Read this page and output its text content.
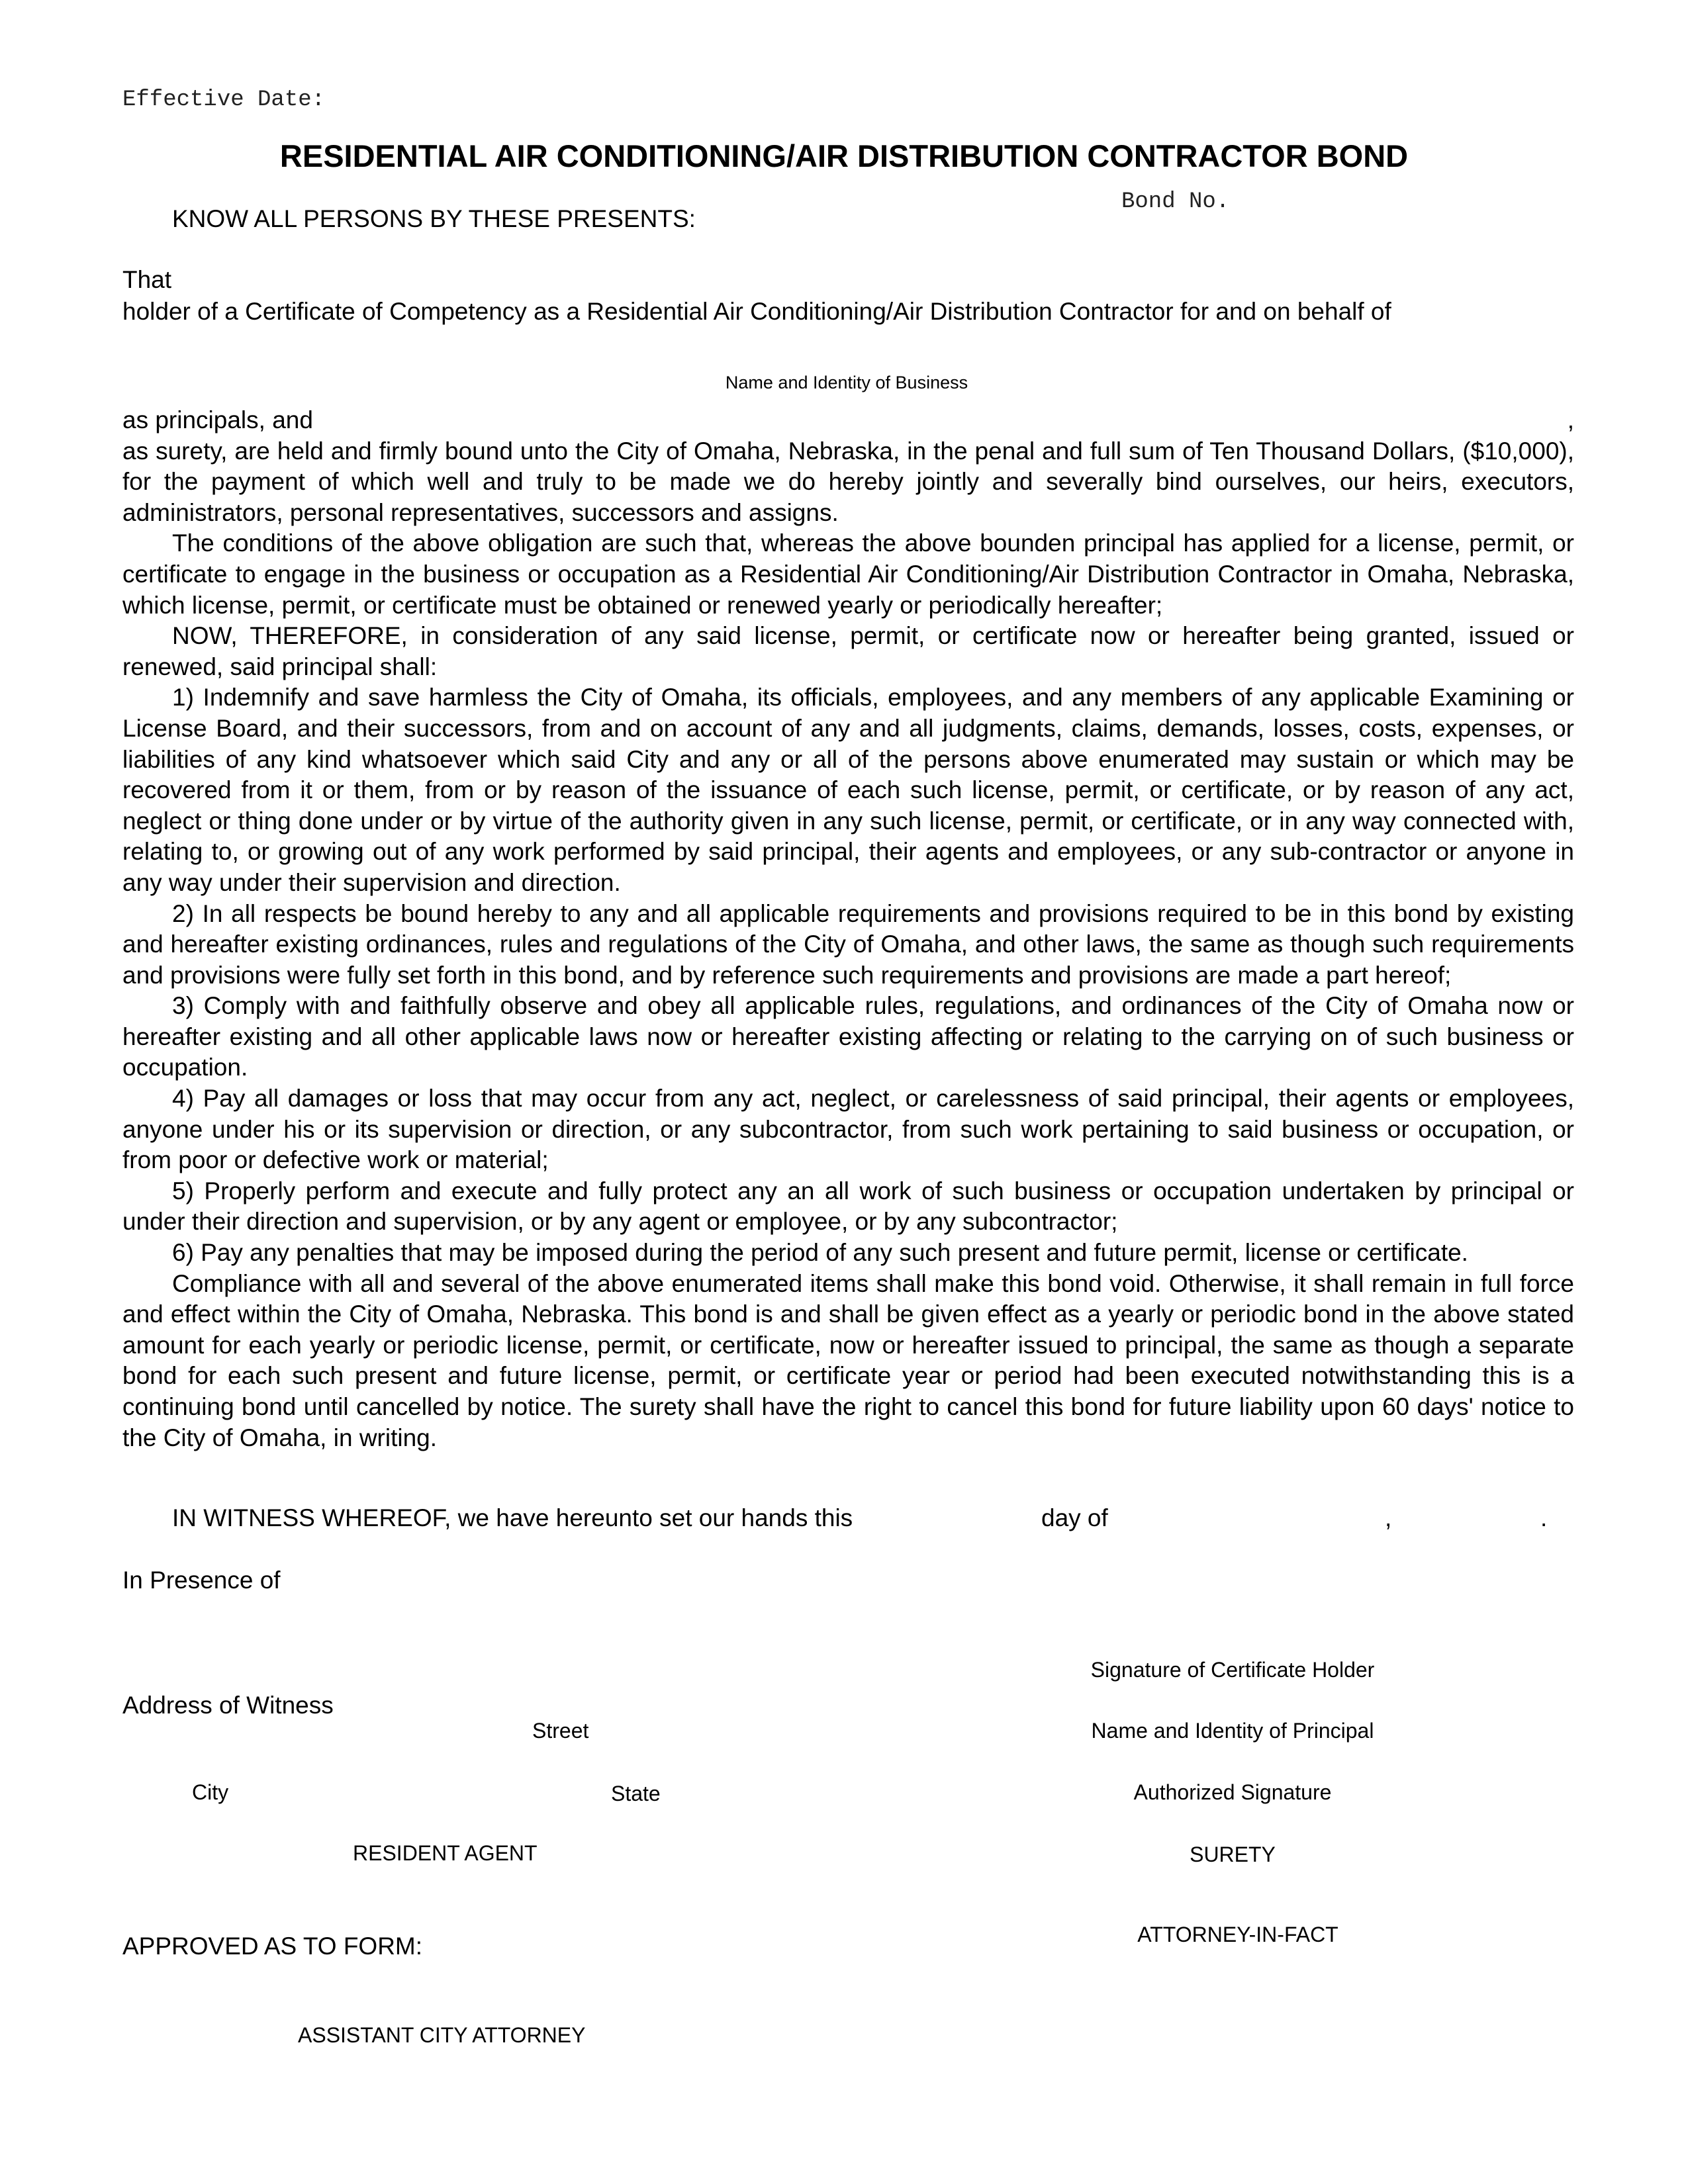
Effective Date:
RESIDENTIAL AIR CONDITIONING/AIR DISTRIBUTION CONTRACTOR BOND
Bond No.
KNOW ALL PERSONS BY THESE PRESENTS:
That
holder of a Certificate of Competency as a Residential Air Conditioning/Air Distribution Contractor for and on behalf of
Name and Identity of Business
as principals, and	,

as surety, are held and firmly bound unto the City of Omaha, Nebraska, in the penal and full sum of Ten Thousand Dollars, ($10,000), for the payment of which well and truly to be made we do hereby jointly and severally bind ourselves, our heirs, executors, administrators, personal representatives, successors and assigns.

The conditions of the above obligation are such that, whereas the above bounden principal has applied for a license, permit, or certificate to engage in the business or occupation as a Residential Air Conditioning/Air Distribution Contractor in Omaha, Nebraska, which license, permit, or certificate must be obtained or renewed yearly or periodically hereafter;

NOW, THEREFORE, in consideration of any said license, permit, or certificate now or hereafter being granted, issued or renewed, said principal shall:

1) Indemnify and save harmless the City of Omaha, its officials, employees, and any members of any applicable Examining or License Board, and their successors, from and on account of any and all judgments, claims, demands, losses, costs, expenses, or liabilities of any kind whatsoever which said City and any or all of the persons above enumerated may sustain or which may be recovered from it or them, from or by reason of the issuance of each such license, permit, or certificate, or by reason of any act, neglect or thing done under or by virtue of the authority given in any such license, permit, or certificate, or in any way connected with, relating to, or growing out of any work performed by said principal, their agents and employees, or any sub-contractor or anyone in any way under their supervision and direction.

2) In all respects be bound hereby to any and all applicable requirements and provisions required to be in this bond by existing and hereafter existing ordinances, rules and regulations of the City of Omaha, and other laws, the same as though such requirements and provisions were fully set forth in this bond, and by reference such requirements and provisions are made a part hereof;

3) Comply with and faithfully observe and obey all applicable rules, regulations, and ordinances of the City of Omaha now or hereafter existing and all other applicable laws now or hereafter existing affecting or relating to the carrying on of such business or occupation.

4) Pay all damages or loss that may occur from any act, neglect, or carelessness of said principal, their agents or employees, anyone under his or its supervision or direction, or any subcontractor, from such work pertaining to said business or occupation, or from poor or defective work or material;

5) Properly perform and execute and fully protect any an all work of such business or occupation undertaken by principal or under their direction and supervision, or by any agent or employee, or by any subcontractor;

6) Pay any penalties that may be imposed during the period of any such present and future permit, license or certificate.

Compliance with all and several of the above enumerated items shall make this bond void. Otherwise, it shall remain in full force and effect within the City of Omaha, Nebraska. This bond is and shall be given effect as a yearly or periodic bond in the above stated amount for each yearly or periodic license, permit, or certificate, now or hereafter issued to principal, the same as though a separate bond for each such present and future license, permit, or certificate year or period had been executed notwithstanding this is a continuing bond until cancelled by notice. The surety shall have the right to cancel this bond for future liability upon 60 days' notice to the City of Omaha, in writing.

IN WITNESS WHEREOF, we have hereunto set our hands this	day of	,	.
In Presence of
Signature of Certificate Holder
Address of Witness
Street	Name and Identity of Principal
City	State	Authorized Signature
RESIDENT AGENT	SURETY
ATTORNEY-IN-FACT
APPROVED AS TO FORM:
ASSISTANT CITY ATTORNEY
